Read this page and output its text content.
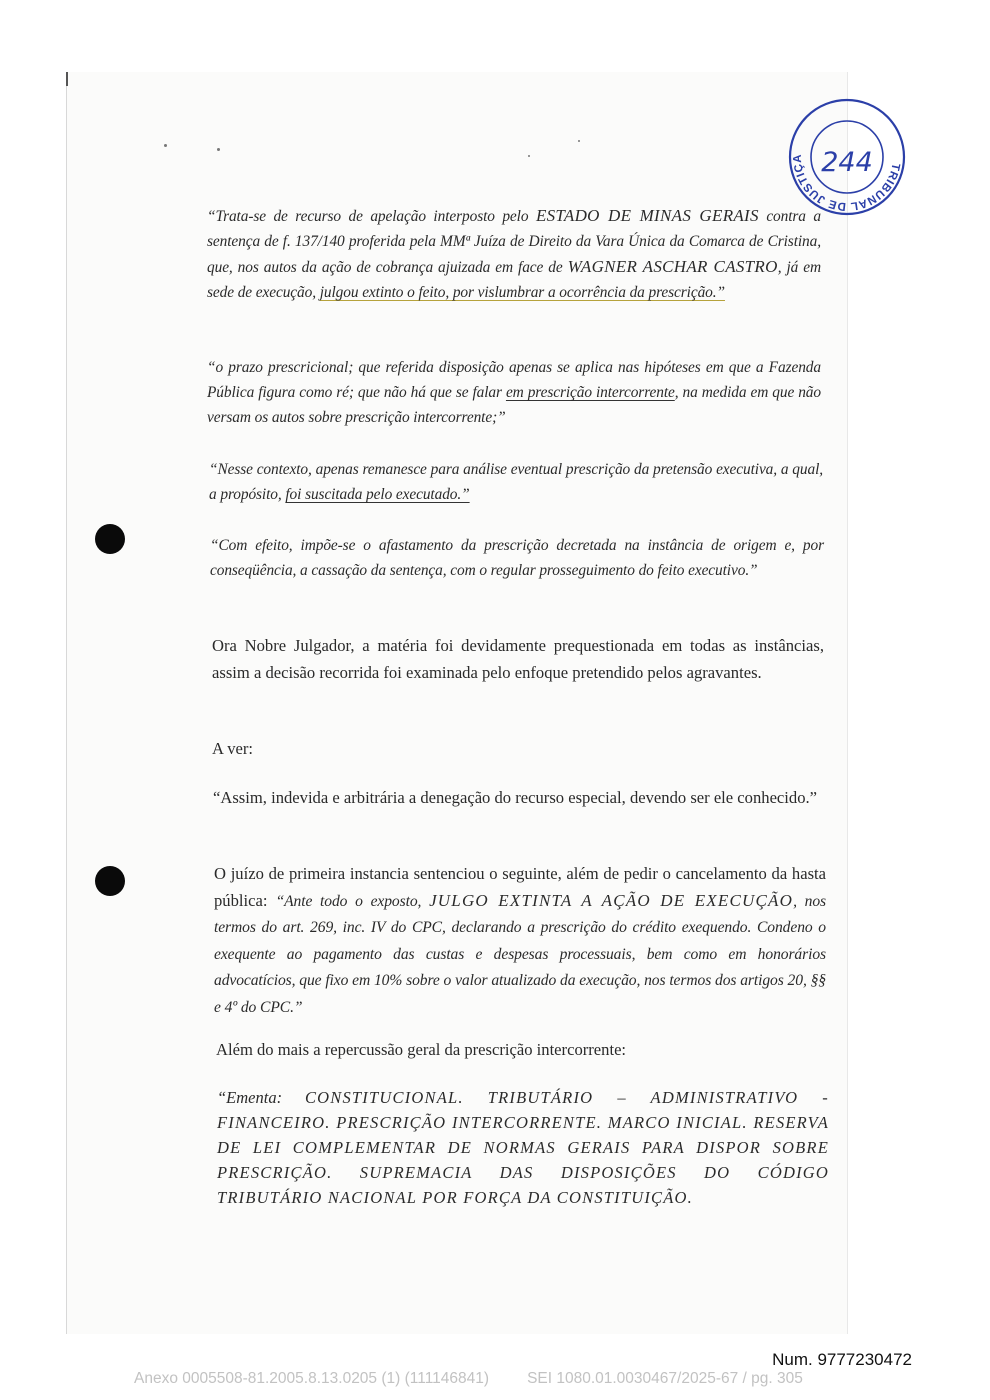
TRIBUNAL DE JUSTIÇA 244

“Trata-se de recurso de apelação interposto pelo ESTADO DE MINAS GERAIS contra a sentença de f. 137/140 proferida pela MMª Juíza de Direito da Vara Única da Comarca de Cristina, que, nos autos da ação de cobrança ajuizada em face de WAGNER ASCHAR CASTRO, já em sede de execução, julgou extinto o feito, por vislumbrar a ocorrência da prescrição.”

“o prazo prescricional; que referida disposição apenas se aplica nas hipóteses em que a Fazenda Pública figura como ré; que não há que se falar em prescrição intercorrente, na medida em que não versam os autos sobre prescrição intercorrente;”

“Nesse contexto, apenas remanesce para análise eventual prescrição da pretensão executiva, a qual, a propósito, foi suscitada pelo executado.”

“Com efeito, impõe-se o afastamento da prescrição decretada na instância de origem e, por conseqüência, a cassação da sentença, com o regular prosseguimento do feito executivo.”

Ora Nobre Julgador, a matéria foi devidamente prequestionada em todas as instâncias, assim a decisão recorrida foi examinada pelo enfoque pretendido pelos agravantes.

A ver:

“Assim, indevida e arbitrária a denegação do recurso especial, devendo ser ele conhecido.”

O juízo de primeira instancia sentenciou o seguinte, além de pedir o cancelamento da hasta pública: “Ante todo o exposto, JULGO EXTINTA A AÇÃO DE EXECUÇÃO, nos termos do art. 269, inc. IV do CPC, declarando a prescrição do crédito exequendo. Condeno o exequente ao pagamento das custas e despesas processuais, bem como em honorários advocatícios, que fixo em 10% sobre o valor atualizado da execução, nos termos dos artigos 20, §§ e 4º do CPC.”

Além do mais a repercussão geral da prescrição intercorrente:

“Ementa: CONSTITUCIONAL. TRIBUTÁRIO – ADMINISTRATIVO - FINANCEIRO. PRESCRIÇÃO INTERCORRENTE. MARCO INICIAL. RESERVA DE LEI COMPLEMENTAR DE NORMAS GERAIS PARA DISPOR SOBRE PRESCRIÇÃO. SUPREMACIA DAS DISPOSIÇÕES DO CÓDIGO TRIBUTÁRIO NACIONAL POR FORÇA DA CONSTITUIÇÃO.

Num. 9777230472
Anexo 0005508-81.2005.8.13.0205 (1) (111146841) SEI 1080.01.0030467/2025-67 / pg. 305
